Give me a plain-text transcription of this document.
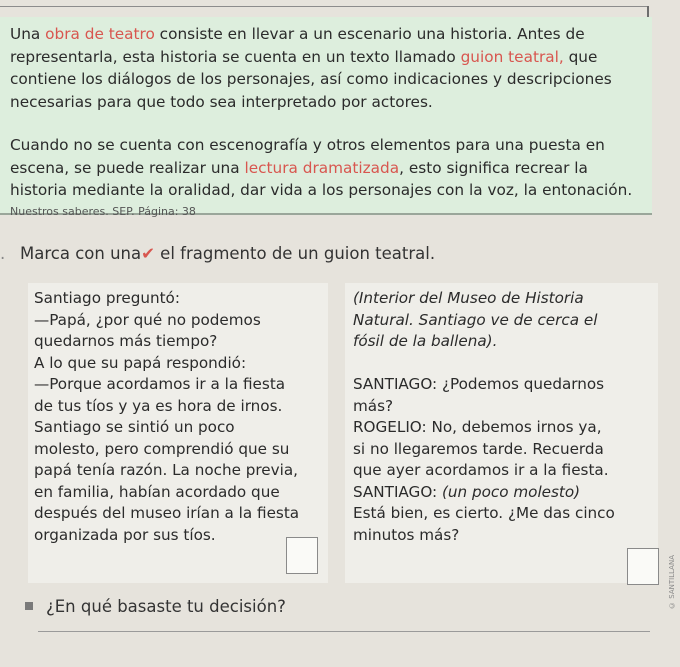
Una obra de teatro consiste en llevar a un escenario una historia. Antes de representarla, esta historia se cuenta en un texto llamado guion teatral, que contiene los diálogos de los personajes, así como indicaciones y descripciones necesarias para que todo sea interpretado por actores.

Cuando no se cuenta con escenografía y otros elementos para una puesta en escena, se puede realizar una lectura dramatizada, esto significa recrear la historia mediante la oralidad, dar vida a los personajes con la voz, la entonación.

Nuestros saberes. SEP. Página: 38
. Marca con una✔ el fragmento de un guion teatral.
Santiago preguntó:
—Papá, ¿por qué no podemos
quedarnos más tiempo?
A lo que su papá respondió:
—Porque acordamos ir a la fiesta
de tus tíos y ya es hora de irnos.
Santiago se sintió un poco
molesto, pero comprendió que su
papá tenía razón. La noche previa,
en familia, habían acordado que
después del museo irían a la fiesta
organizada por sus tíos.
(Interior del Museo de Historia
Natural. Santiago ve de cerca el
fósil de la ballena).

SANTIAGO: ¿Podemos quedarnos
más?
ROGELIO: No, debemos irnos ya,
si no llegaremos tarde. Recuerda
que ayer acordamos ir a la fiesta.
SANTIAGO: (un poco molesto)
Está bien, es cierto. ¿Me das cinco
minutos más?
¿En qué basaste tu decisión?	© SANTILLANA
